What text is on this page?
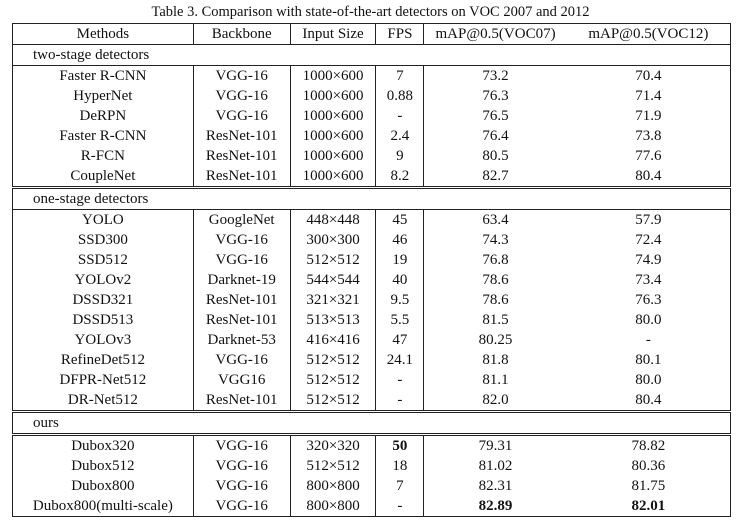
Table 3. Comparison with state-of-the-art detectors on VOC 2007 and 2012
Methods	Backbone	Input Size	FPS	mAP@0.5(VOC07)	mAP@0.5(VOC12)
two-stage detectors					
Faster R-CNN	VGG-16	1000×600	7	73.2	70.4
HyperNet	VGG-16	1000×600	0.88	76.3	71.4
DeRPN	VGG-16	1000×600	-	76.5	71.9
Faster R-CNN	ResNet-101	1000×600	2.4	76.4	73.8
R-FCN	ResNet-101	1000×600	9	80.5	77.6
CoupleNet	ResNet-101	1000×600	8.2	82.7	80.4
one-stage detectors					
YOLO	GoogleNet	448×448	45	63.4	57.9
SSD300	VGG-16	300×300	46	74.3	72.4
SSD512	VGG-16	512×512	19	76.8	74.9
YOLOv2	Darknet-19	544×544	40	78.6	73.4
DSSD321	ResNet-101	321×321	9.5	78.6	76.3
DSSD513	ResNet-101	513×513	5.5	81.5	80.0
YOLOv3	Darknet-53	416×416	47	80.25	-
RefineDet512	VGG-16	512×512	24.1	81.8	80.1
DFPR-Net512	VGG16	512×512	-	81.1	80.0
DR-Net512	ResNet-101	512×512	-	82.0	80.4
ours					
Dubox320	VGG-16	320×320	50	79.31	78.82
Dubox512	VGG-16	512×512	18	81.02	80.36
Dubox800	VGG-16	800×800	7	82.31	81.75
Dubox800(multi-scale)	VGG-16	800×800	-	82.89	82.01
